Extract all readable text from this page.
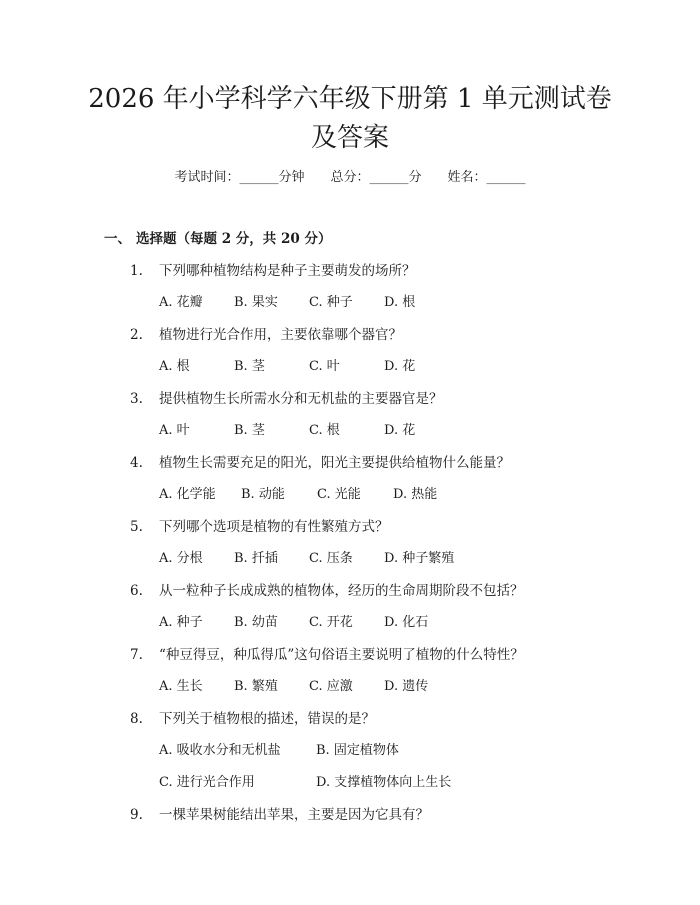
2026 年小学科学六年级下册第 1 单元测试卷
及答案
考试时间：______分钟 总分：______分 姓名：______
一、 选择题（每题 2 分，共 20 分）
1. 下列哪种植物结构是种子主要萌发的场所？
A. 花瓣 B. 果实 C. 种子 D. 根
2. 植物进行光合作用，主要依靠哪个器官？
A. 根	B. 茎	C. 叶	D. 花
3. 提供植物生长所需水分和无机盐的主要器官是？
A. 叶	B. 茎	C. 根	D. 花
4. 植物生长需要充足的阳光，阳光主要提供给植物什么能量？
A. 化学能 B. 动能 C. 光能 D. 热能
5. 下列哪个选项是植物的有性繁殖方式？
A. 分根 B. 扦插 C. 压条 D. 种子繁殖
6. 从一粒种子长成成熟的植物体，经历的生命周期阶段不包括？
A. 种子 B. 幼苗 C. 开花 D. 化石
7. “种豆得豆，种瓜得瓜”这句俗语主要说明了植物的什么特性？
A. 生长 B. 繁殖 C. 应激 D. 遗传
8. 下列关于植物根的描述，错误的是？
A. 吸收水分和无机盐	B. 固定植物体
C. 进行光合作用	D. 支撑植物体向上生长
9. 一棵苹果树能结出苹果，主要是因为它具有？
